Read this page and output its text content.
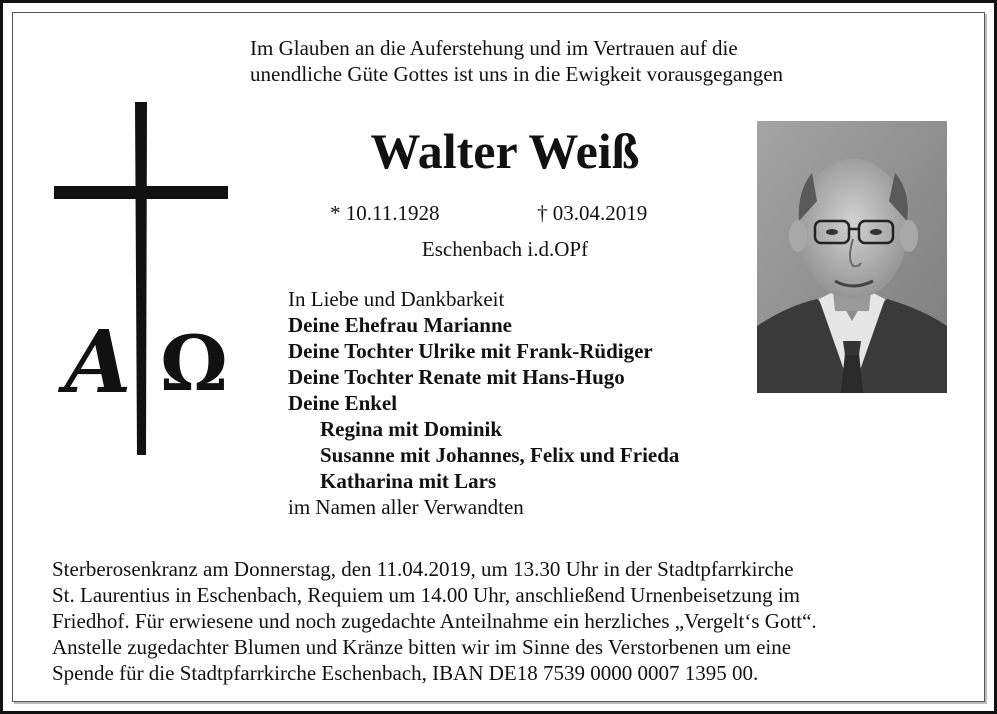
Im Glauben an die Auferstehung und im Vertrauen auf die
unendliche Güte Gottes ist uns in die Ewigkeit vorausgegangen
A Ω
Walter Weiß
* 10.11.1928	† 03.04.2019
Eschenbach i.d.OPf
In Liebe und Dankbarkeit
Deine Ehefrau Marianne
Deine Tochter Ulrike mit Frank-Rüdiger
Deine Tochter Renate mit Hans-Hugo
Deine Enkel
Regina mit Dominik
Susanne mit Johannes, Felix und Frieda
Katharina mit Lars
im Namen aller Verwandten
Sterberosenkranz am Donnerstag, den 11.04.2019, um 13.30 Uhr in der Stadtpfarrkirche
St. Laurentius in Eschenbach, Requiem um 14.00 Uhr, anschließend Urnenbeisetzung im
Friedhof. Für erwiesene und noch zugedachte Anteilnahme ein herzliches „Vergelt‘s Gott“.
Anstelle zugedachter Blumen und Kränze bitten wir im Sinne des Verstorbenen um eine
Spende für die Stadtpfarrkirche Eschenbach, IBAN DE18 7539 0000 0007 1395 00.
